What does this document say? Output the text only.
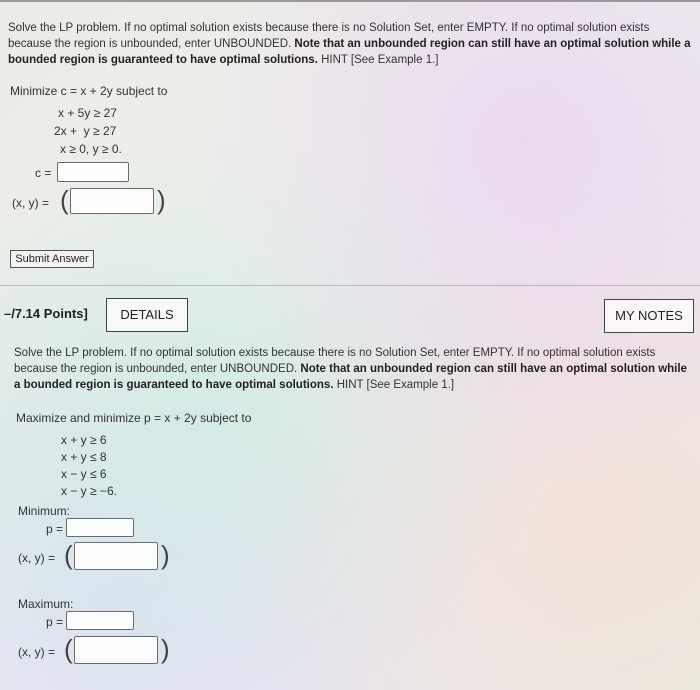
Solve the LP problem. If no optimal solution exists because there is no Solution Set, enter EMPTY. If no optimal solution exists because the region is unbounded, enter UNBOUNDED. Note that an unbounded region can still have an optimal solution while a bounded region is guaranteed to have optimal solutions. HINT [See Example 1.]
Minimize c = x + 2y subject to
x + 5y ≥ 27
2x +  y ≥ 27
x ≥ 0, y ≥ 0.
c =
(x, y) = (	)
Submit Answer
–/7.14 Points]	DETAILS	MY NOTES
Solve the LP problem. If no optimal solution exists because there is no Solution Set, enter EMPTY. If no optimal solution exists because the region is unbounded, enter UNBOUNDED. Note that an unbounded region can still have an optimal solution while a bounded region is guaranteed to have optimal solutions. HINT [See Example 1.]
Maximize and minimize p = x + 2y subject to
x + y ≥ 6
x + y ≤ 8
x − y ≤ 6
x − y ≥ −6.
Minimum:
p =
(x, y) = (	)
Maximum:
p =
(x, y) = (	)
